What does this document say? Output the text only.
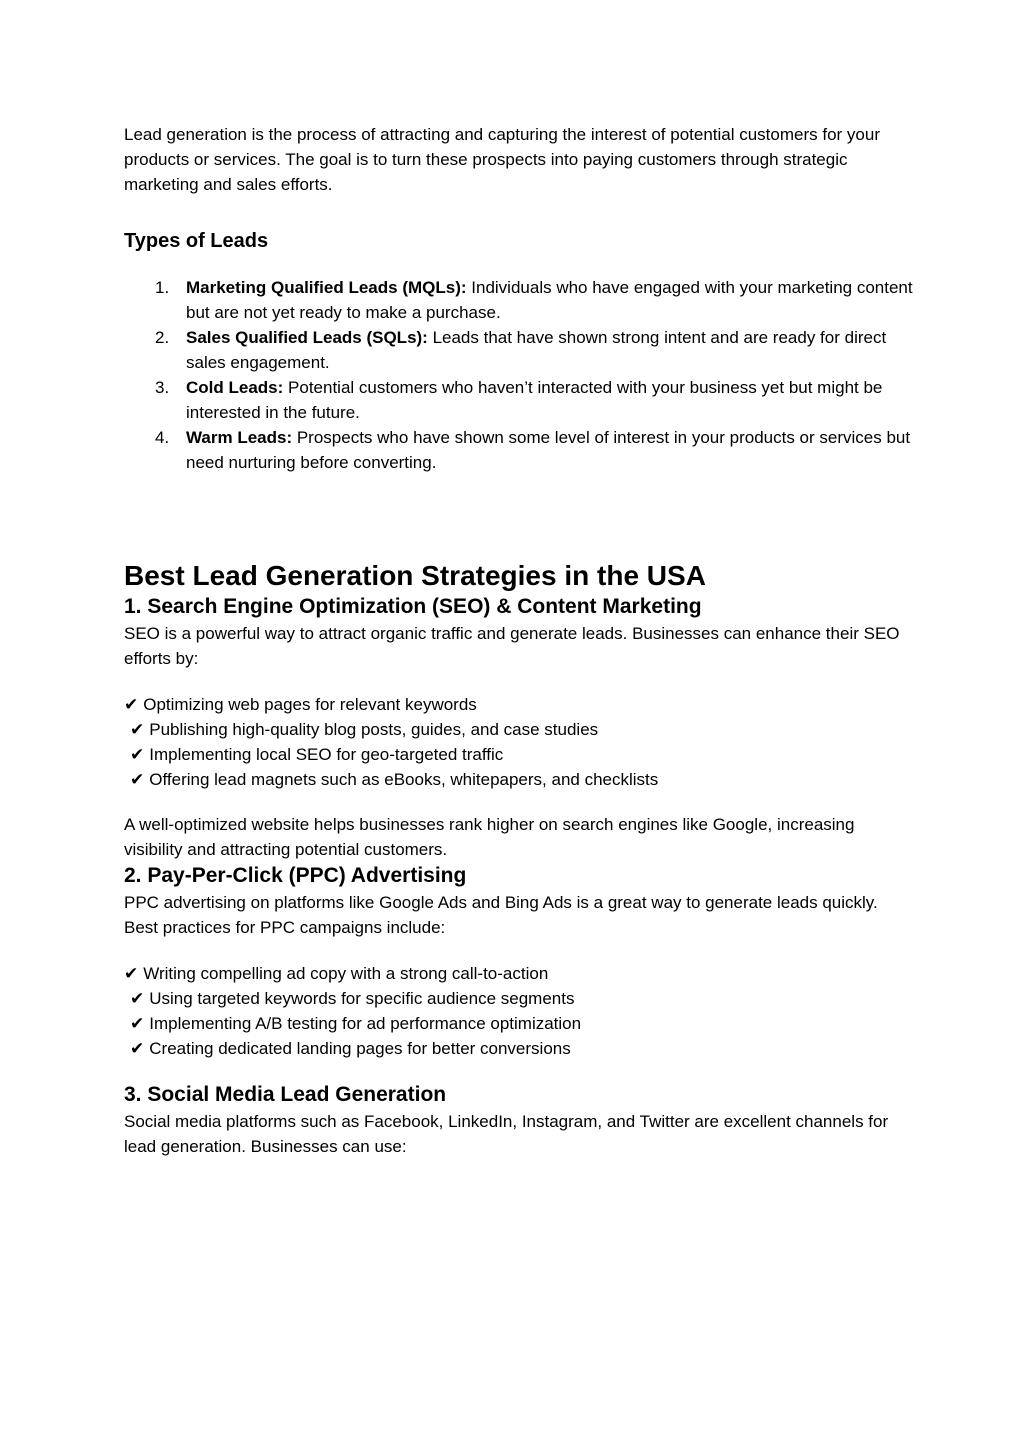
Lead generation is the process of attracting and capturing the interest of potential customers for your products or services. The goal is to turn these prospects into paying customers through strategic marketing and sales efforts.

Types of Leads
1. Marketing Qualified Leads (MQLs): Individuals who have engaged with your marketing content but are not yet ready to make a purchase.
2. Sales Qualified Leads (SQLs): Leads that have shown strong intent and are ready for direct sales engagement.
3. Cold Leads: Potential customers who haven’t interacted with your business yet but might be interested in the future.
4. Warm Leads: Prospects who have shown some level of interest in your products or services but need nurturing before converting.
Best Lead Generation Strategies in the USA
1. Search Engine Optimization (SEO) & Content Marketing

SEO is a powerful way to attract organic traffic and generate leads. Businesses can enhance their SEO efforts by:

✔ Optimizing web pages for relevant keywords
✔ Publishing high-quality blog posts, guides, and case studies
✔ Implementing local SEO for geo-targeted traffic
✔ Offering lead magnets such as eBooks, whitepapers, and checklists

A well-optimized website helps businesses rank higher on search engines like Google, increasing visibility and attracting potential customers.

2. Pay-Per-Click (PPC) Advertising

PPC advertising on platforms like Google Ads and Bing Ads is a great way to generate leads quickly. Best practices for PPC campaigns include:

✔ Writing compelling ad copy with a strong call-to-action
✔ Using targeted keywords for specific audience segments
✔ Implementing A/B testing for ad performance optimization
✔ Creating dedicated landing pages for better conversions
3. Social Media Lead Generation

Social media platforms such as Facebook, LinkedIn, Instagram, and Twitter are excellent channels for lead generation. Businesses can use:
